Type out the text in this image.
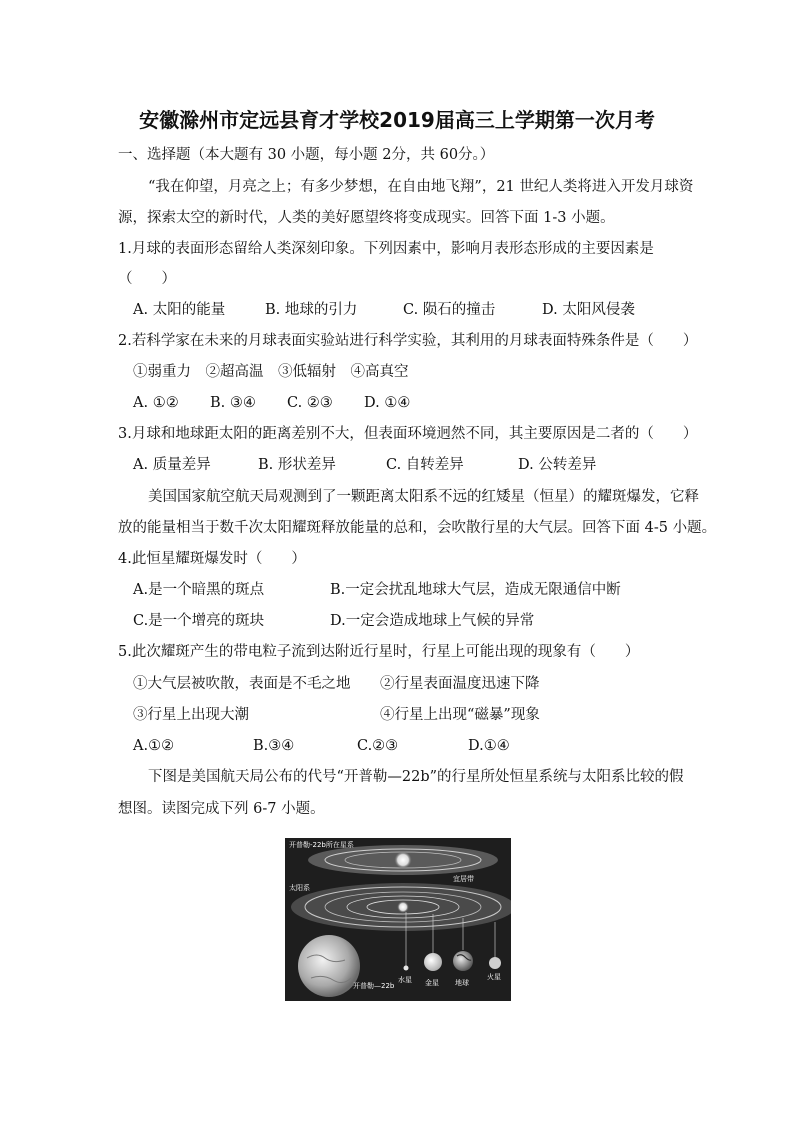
安徽滁州市定远县育才学校2019届高三上学期第一次月考
一、选择题（本大题有 30 小题，每小题 2分，共 60分。）
“我在仰望，月亮之上；有多少梦想，在自由地飞翔”，21 世纪人类将进入开发月球资
源，探索太空的新时代，人类的美好愿望终将变成现实。回答下面 1-3 小题。
1.月球的表面形态留给人类深刻印象。下列因素中，影响月表形态形成的主要因素是
（　　）
A. 太阳的能量	B. 地球的引力	C. 陨石的撞击	D. 太阳风侵袭
2.若科学家在未来的月球表面实验站进行科学实验，其利用的月球表面特殊条件是（　　）
①弱重力　②超高温　③低辐射　④高真空
A. ①② B. ③④ C. ②③ D. ①④
3.月球和地球距太阳的距离差别不大，但表面环境迥然不同，其主要原因是二者的（　　）
A. 质量差异	B. 形状差异	C. 自转差异	D. 公转差异
美国国家航空航天局观测到了一颗距离太阳系不远的红矮星（恒星）的耀斑爆发，它释
放的能量相当于数千次太阳耀斑释放能量的总和，会吹散行星的大气层。回答下面 4-5 小题。
4.此恒星耀斑爆发时（　　）
A.是一个暗黑的斑点	B.一定会扰乱地球大气层，造成无限通信中断
C.是一个增亮的斑块	D.一定会造成地球上气候的异常
5.此次耀斑产生的带电粒子流到达附近行星时，行星上可能出现的现象有（　　）
①大气层被吹散，表面是不毛之地 ②行星表面温度迅速下降
③行星上出现大潮	④行星上出现“磁暴”现象
A.①②	B.③④	C.②③	D.①④
下图是美国航天局公布的代号“开普勒—22b”的行星所处恒星系统与太阳系比较的假
想图。读图完成下列 6-7 小题。
开普勒-22b所在星系
宜居带
太阳系
开普勒—22b
水星 金星 地球
火星
